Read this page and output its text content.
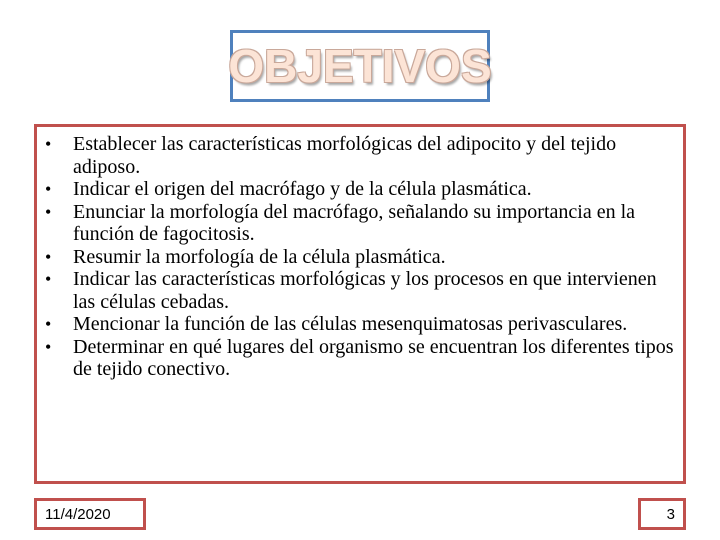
OBJETIVOS
• Establecer las características morfológicas del adipocito y del tejido adiposo.
• Indicar el origen del macrófago y de la célula plasmática.
• Enunciar la morfología del macrófago, señalando su importancia en la función de fagocitosis.
• Resumir la morfología de la célula plasmática.
• Indicar las características morfológicas y los procesos en que intervienen las células cebadas.
• Mencionar la función de las células mesenquimatosas perivasculares.
• Determinar en qué lugares del organismo se encuentran los diferentes tipos de tejido conectivo.
11/4/2020	3
